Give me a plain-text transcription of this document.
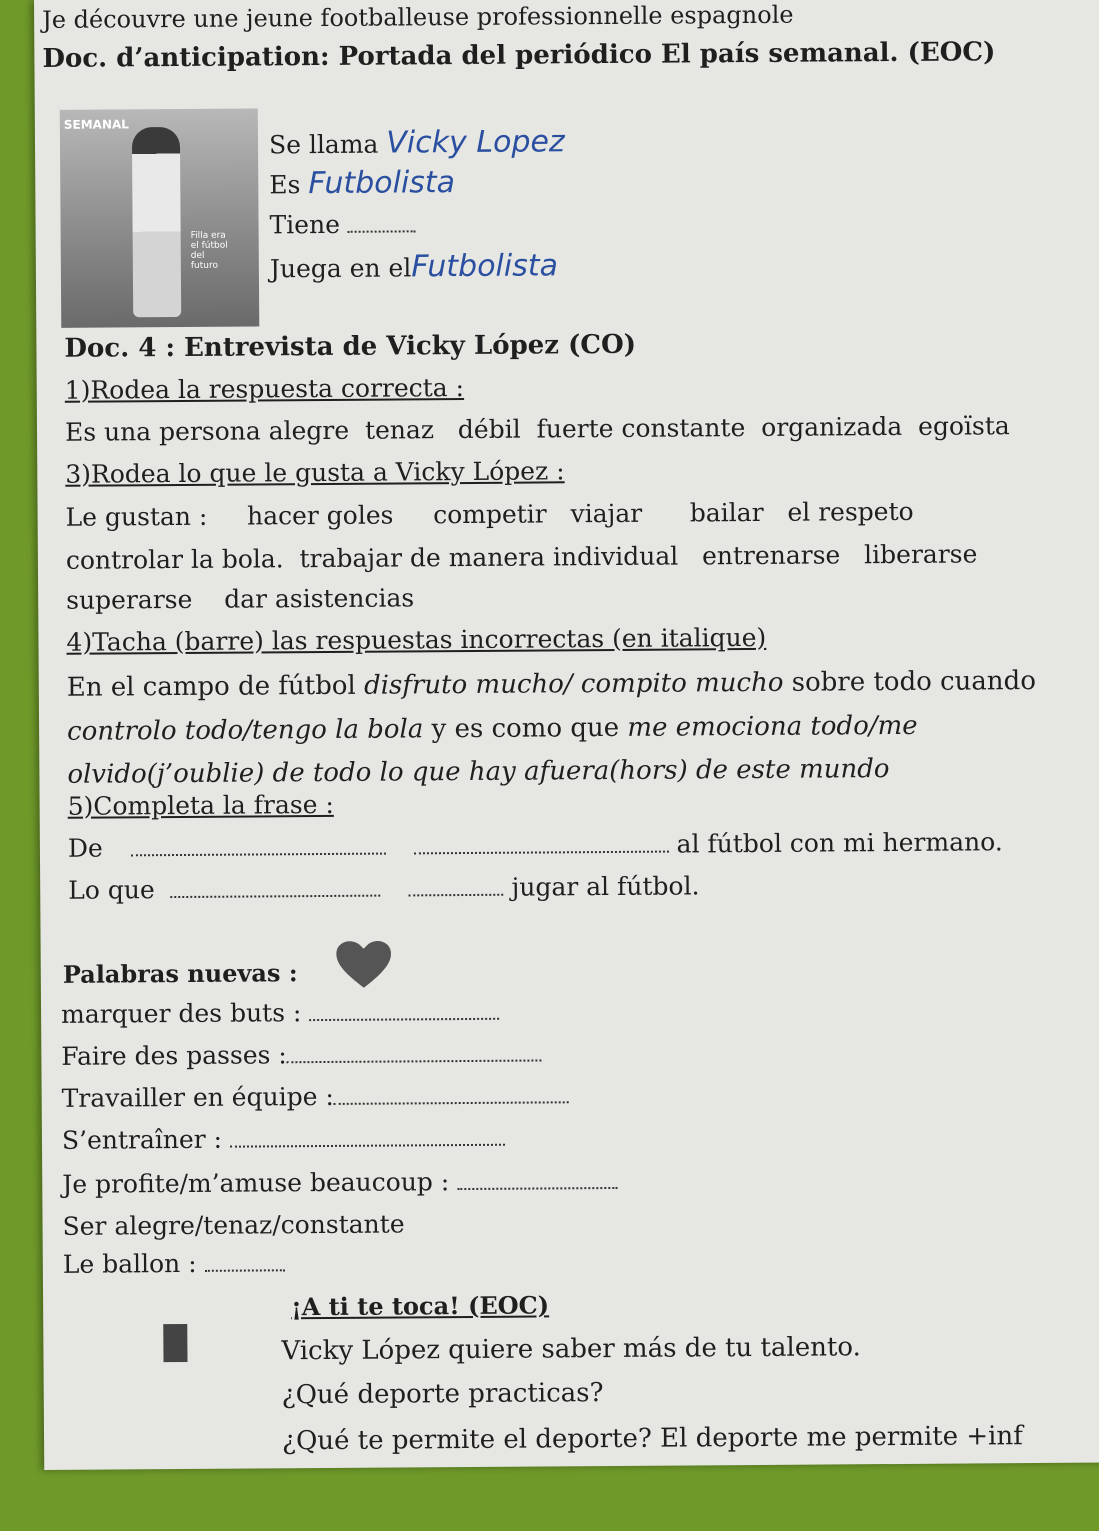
Je découvre une jeune footballeuse professionnelle espagnole
Doc. d’anticipation: Portada del periódico El país semanal. (EOC)
SEMANAL
Filla era
el fútbol
del
futuro
Se llama Vicky Lopez
Es Futbolista
Tiene
Juega en elFutbolista
Doc. 4 : Entrevista de Vicky López (CO)
1)Rodea la respuesta correcta :
Es una persona alegre  tenaz   débil  fuerte constante  organizada  egoïsta
3)Rodea lo que le gusta a Vicky López :
Le gustan :     hacer goles     competir   viajar      bailar   el respeto
controlar la bola.  trabajar de manera individual   entrenarse   liberarse
superarse    dar asistencias
4)Tacha (barre) las respuestas incorrectas (en italique)
En el campo de fútbol disfruto mucho/ compito mucho sobre todo cuando
controlo todo/tengo la bola y es como que me emociona todo/me
olvido(j’oublie) de todo lo que hay afuera(hors) de este mundo
5)Completa la frase :
De	al fútbol con mi hermano.
Lo que	jugar al fútbol.
Palabras nuevas :
marquer des buts :
Faire des passes :
Travailler en équipe :
S’entraîner :
Je profite/m’amuse beaucoup :
Ser alegre/tenaz/constante
Le ballon :
¡A ti te toca! (EOC)
Vicky López quiere saber más de tu talento.
¿Qué deporte practicas?
¿Qué te permite el deporte? El deporte me permite +inf
